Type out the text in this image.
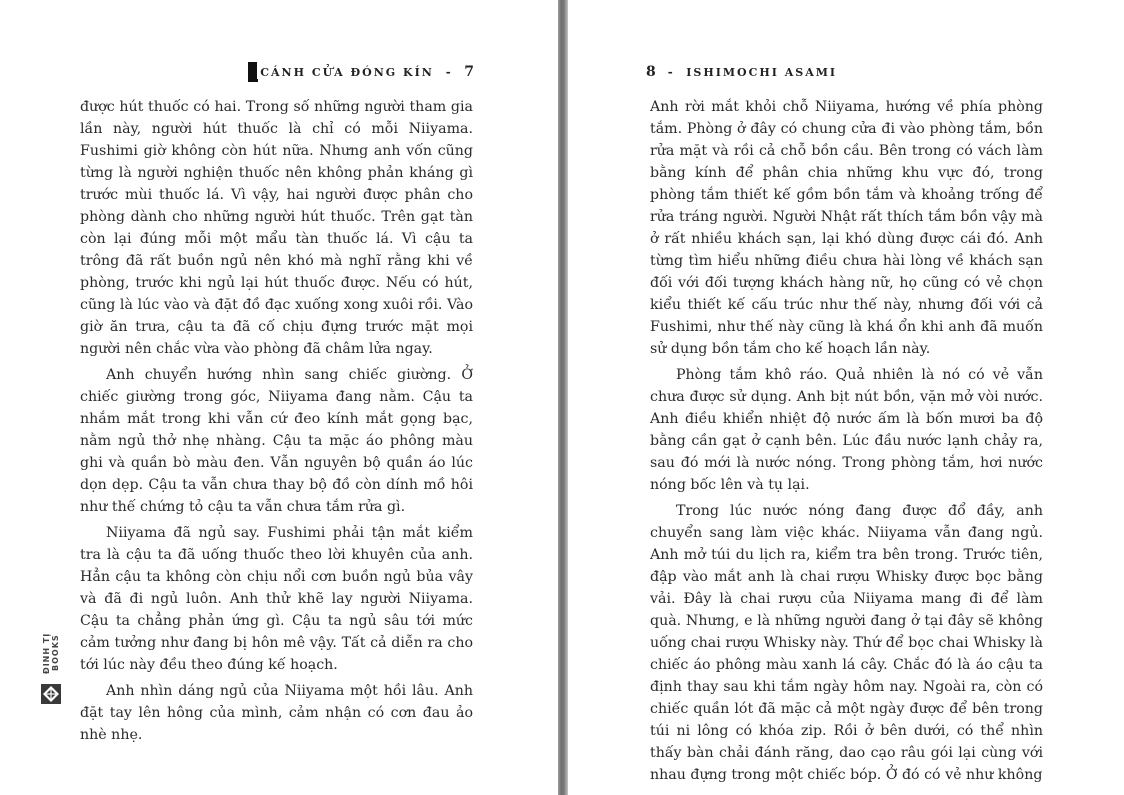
CÁNH CỬA ĐÓNG KÍN - 7

được hút thuốc có hai. Trong số những người tham gia lần này, người hút thuốc là chỉ có mỗi Niiyama. Fushimi giờ không còn hút nữa. Nhưng anh vốn cũng từng là người nghiện thuốc nên không phản kháng gì trước mùi thuốc lá. Vì vậy, hai người được phân cho phòng dành cho những người hút thuốc. Trên gạt tàn còn lại đúng mỗi một mẩu tàn thuốc lá. Vì cậu ta trông đã rất buồn ngủ nên khó mà nghĩ rằng khi về phòng, trước khi ngủ lại hút thuốc được. Nếu có hút, cũng là lúc vào và đặt đồ đạc xuống xong xuôi rồi. Vào giờ ăn trưa, cậu ta đã cố chịu đựng trước mặt mọi người nên chắc vừa vào phòng đã châm lửa ngay.

Anh chuyển hướng nhìn sang chiếc giường. Ở chiếc giường trong góc, Niiyama đang nằm. Cậu ta nhắm mắt trong khi vẫn cứ đeo kính mắt gọng bạc, nằm ngủ thở nhẹ nhàng. Cậu ta mặc áo phông màu ghi và quần bò màu đen. Vẫn nguyên bộ quần áo lúc dọn dẹp. Cậu ta vẫn chưa thay bộ đồ còn dính mồ hôi như thế chứng tỏ cậu ta vẫn chưa tắm rửa gì.

Niiyama đã ngủ say. Fushimi phải tận mắt kiểm tra là cậu ta đã uống thuốc theo lời khuyên của anh. Hẳn cậu ta không còn chịu nổi cơn buồn ngủ bủa vây và đã đi ngủ luôn. Anh thử khẽ lay người Niiyama. Cậu ta chẳng phản ứng gì. Cậu ta ngủ sâu tới mức cảm tưởng như đang bị hôn mê vậy. Tất cả diễn ra cho tới lúc này đều theo đúng kế hoạch.

Anh nhìn dáng ngủ của Niiyama một hồi lâu. Anh đặt tay lên hông của mình, cảm nhận có cơn đau ảo nhè nhẹ.

ĐINH TỊ BOOKS
8 - ISHIMOCHI ASAMI

Anh rời mắt khỏi chỗ Niiyama, hướng về phía phòng tắm. Phòng ở đây có chung cửa đi vào phòng tắm, bồn rửa mặt và rồi cả chỗ bồn cầu. Bên trong có vách làm bằng kính để phân chia những khu vực đó, trong phòng tắm thiết kế gồm bồn tắm và khoảng trống để rửa tráng người. Người Nhật rất thích tắm bồn vậy mà ở rất nhiều khách sạn, lại khó dùng được cái đó. Anh từng tìm hiểu những điều chưa hài lòng về khách sạn đối với đối tượng khách hàng nữ, họ cũng có vẻ chọn kiểu thiết kế cấu trúc như thế này, nhưng đối với cả Fushimi, như thế này cũng là khá ổn khi anh đã muốn sử dụng bồn tắm cho kế hoạch lần này.

Phòng tắm khô ráo. Quả nhiên là nó có vẻ vẫn chưa được sử dụng. Anh bịt nút bồn, vặn mở vòi nước. Anh điều khiển nhiệt độ nước ấm là bốn mươi ba độ bằng cần gạt ở cạnh bên. Lúc đầu nước lạnh chảy ra, sau đó mới là nước nóng. Trong phòng tắm, hơi nước nóng bốc lên và tụ lại.

Trong lúc nước nóng đang được đổ đầy, anh chuyển sang làm việc khác. Niiyama vẫn đang ngủ. Anh mở túi du lịch ra, kiểm tra bên trong. Trước tiên, đập vào mắt anh là chai rượu Whisky được bọc bằng vải. Đây là chai rượu của Niiyama mang đi để làm quà. Nhưng, e là những người đang ở tại đây sẽ không uống chai rượu Whisky này. Thứ để bọc chai Whisky là chiếc áo phông màu xanh lá cây. Chắc đó là áo cậu ta định thay sau khi tắm ngày hôm nay. Ngoài ra, còn có chiếc quần lót đã mặc cả một ngày được để bên trong túi ni lông có khóa zip. Rồi ở bên dưới, có thể nhìn thấy bàn chải đánh răng, dao cạo râu gói lại cùng với nhau đựng trong một chiếc bóp. Ở đó có vẻ như không
